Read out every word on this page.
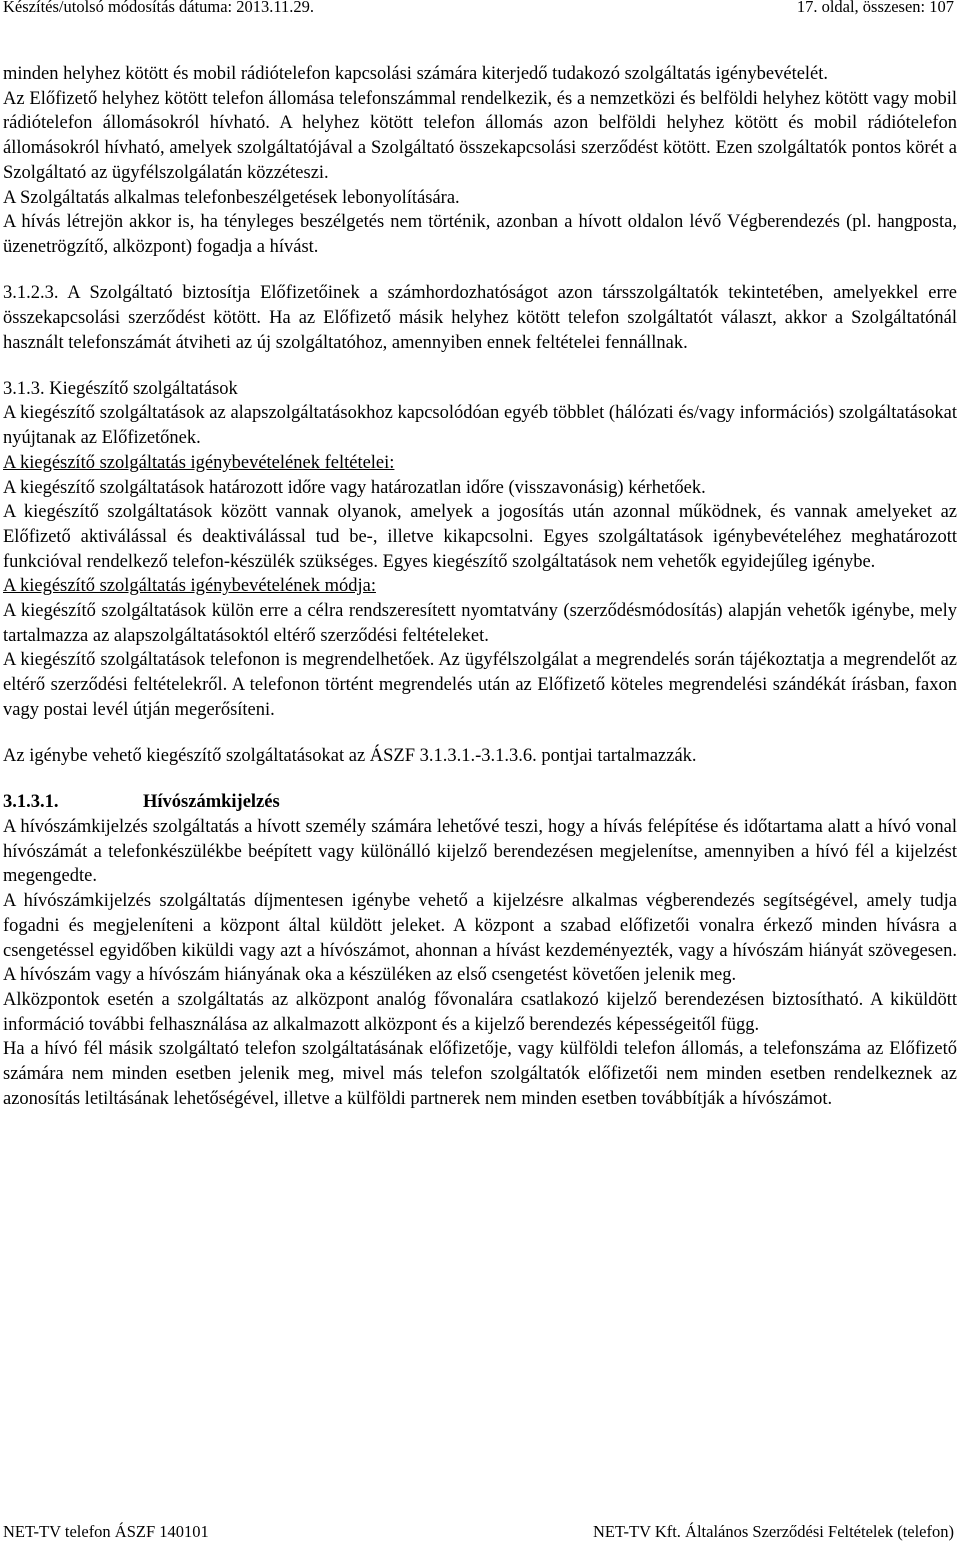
Készítés/utolsó módosítás dátuma: 2013.11.29.	17. oldal, összesen: 107

minden helyhez kötött és mobil rádiótelefon kapcsolási számára kiterjedő tudakozó szolgáltatás igénybevételét.

Az Előfizető helyhez kötött telefon állomása telefonszámmal rendelkezik, és a nemzetközi és belföldi helyhez kötött vagy mobil rádiótelefon állomásokról hívható. A helyhez kötött telefon állomás azon belföldi helyhez kötött és mobil rádiótelefon állomásokról hívható, amelyek szolgáltatójával a Szolgáltató összekapcsolási szerződést kötött. Ezen szolgáltatók pontos körét a Szolgáltató az ügyfélszolgálatán közzéteszi.

A Szolgáltatás alkalmas telefonbeszélgetések lebonyolítására.

A hívás létrejön akkor is, ha tényleges beszélgetés nem történik, azonban a hívott oldalon lévő Végberendezés (pl. hangposta, üzenetrögzítő, alközpont) fogadja a hívást.

3.1.2.3. A Szolgáltató biztosítja Előfizetőinek a számhordozhatóságot azon társszolgáltatók tekintetében, amelyekkel erre összekapcsolási szerződést kötött. Ha az Előfizető másik helyhez kötött telefon szolgáltatót választ, akkor a Szolgáltatónál használt telefonszámát átviheti az új szolgáltatóhoz, amennyiben ennek feltételei fennállnak.

3.1.3. Kiegészítő szolgáltatások

A kiegészítő szolgáltatások az alapszolgáltatásokhoz kapcsolódóan egyéb többlet (hálózati és/vagy információs) szolgáltatásokat nyújtanak az Előfizetőnek.

A kiegészítő szolgáltatás igénybevételének feltételei:

A kiegészítő szolgáltatások határozott időre vagy határozatlan időre (visszavonásig) kérhetőek.

A kiegészítő szolgáltatások között vannak olyanok, amelyek a jogosítás után azonnal működnek, és vannak amelyeket az Előfizető aktiválással és deaktiválással tud be-, illetve kikapcsolni. Egyes szolgáltatások igénybevételéhez meghatározott funkcióval rendelkező telefon-készülék szükséges. Egyes kiegészítő szolgáltatások nem vehetők egyidejűleg igénybe.

A kiegészítő szolgáltatás igénybevételének módja:

A kiegészítő szolgáltatások külön erre a célra rendszeresített nyomtatvány (szerződésmódosítás) alapján vehetők igénybe, mely tartalmazza az alapszolgáltatásoktól eltérő szerződési feltételeket.

A kiegészítő szolgáltatások telefonon is megrendelhetőek. Az ügyfélszolgálat a megrendelés során tájékoztatja a megrendelőt az eltérő szerződési feltételekről. A telefonon történt megrendelés után az Előfizető köteles megrendelési szándékát írásban, faxon vagy postai levél útján megerősíteni.

Az igénybe vehető kiegészítő szolgáltatásokat az ÁSZF 3.1.3.1.-3.1.3.6. pontjai tartalmazzák.

3.1.3.1.	Hívószámkijelzés

A hívószámkijelzés szolgáltatás a hívott személy számára lehetővé teszi, hogy a hívás felépítése és időtartama alatt a hívó vonal hívószámát a telefonkészülékbe beépített vagy különálló kijelző berendezésen megjelenítse, amennyiben a hívó fél a kijelzést megengedte.

A hívószámkijelzés szolgáltatás díjmentesen igénybe vehető a kijelzésre alkalmas végberendezés segítségével, amely tudja fogadni és megjeleníteni a központ által küldött jeleket. A központ a szabad előfizetői vonalra érkező minden hívásra a csengetéssel egyidőben kiküldi vagy azt a hívószámot, ahonnan a hívást kezdeményezték, vagy a hívószám hiányát szövegesen. A hívószám vagy a hívószám hiányának oka a készüléken az első csengetést követően jelenik meg.

Alközpontok esetén a szolgáltatás az alközpont analóg fővonalára csatlakozó kijelző berendezésen biztosítható. A kiküldött információ további felhasználása az alkalmazott alközpont és a kijelző berendezés képességeitől függ.

Ha a hívó fél másik szolgáltató telefon szolgáltatásának előfizetője, vagy külföldi telefon állomás, a telefonszáma az Előfizető számára nem minden esetben jelenik meg, mivel más telefon szolgáltatók előfizetői nem minden esetben rendelkeznek az azonosítás letiltásának lehetőségével, illetve a külföldi partnerek nem minden esetben továbbítják a hívószámot.

NET-TV telefon ÁSZF 140101	NET-TV Kft. Általános Szerződési Feltételek (telefon)
